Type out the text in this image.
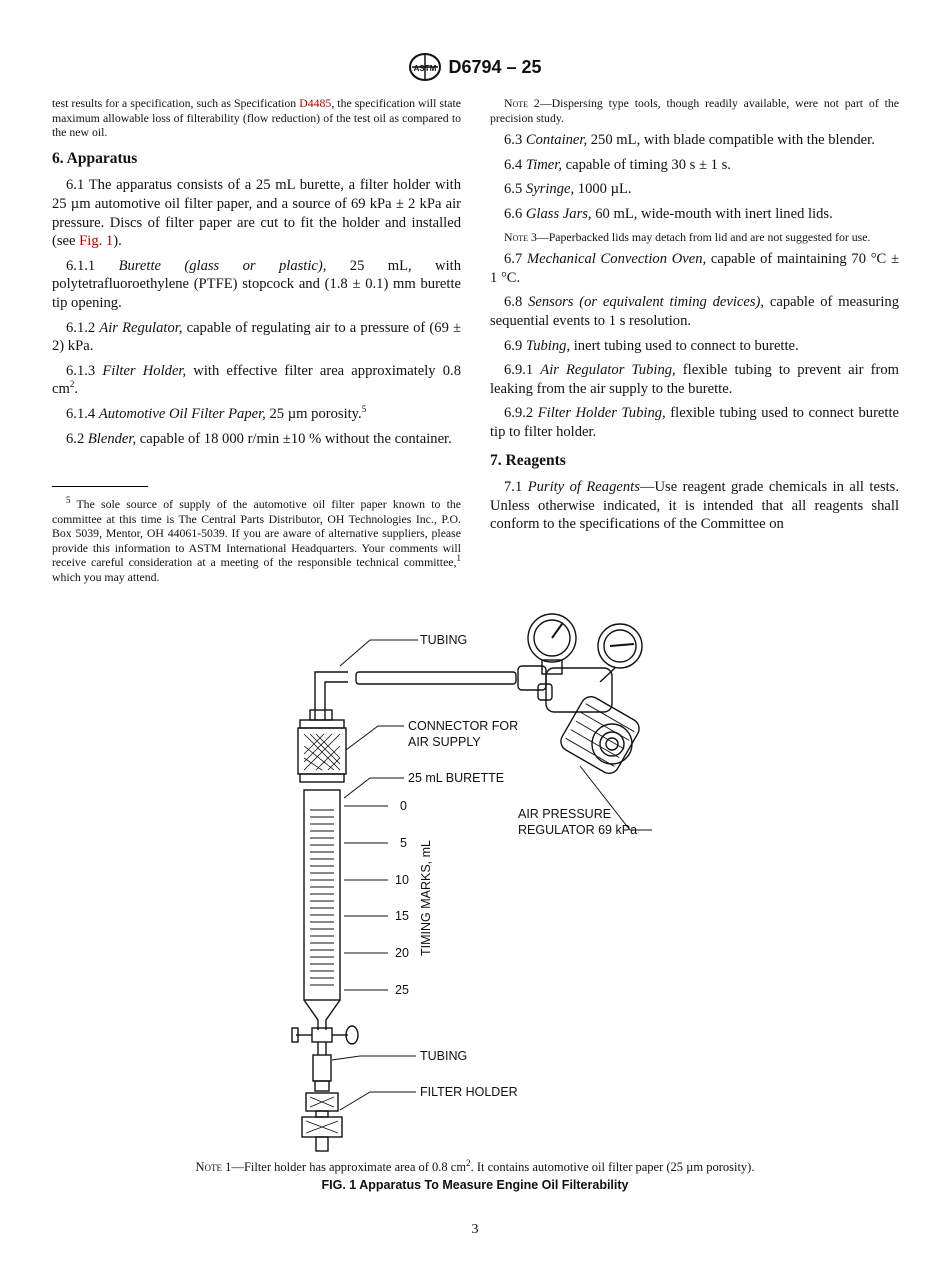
ASTM D6794 – 25

test results for a specification, such as Specification D4485, the specification will state maximum allowable loss of filterability (flow reduction) of the test oil as compared to the new oil.

6. Apparatus

6.1 The apparatus consists of a 25 mL burette, a filter holder with 25 µm automotive oil filter paper, and a source of 69 kPa ± 2 kPa air pressure. Discs of filter paper are cut to fit the holder and installed (see Fig. 1).

6.1.1 Burette (glass or plastic), 25 mL, with polytetrafluoroethylene (PTFE) stopcock and (1.8 ± 0.1) mm burette tip opening.

6.1.2 Air Regulator, capable of regulating air to a pressure of (69 ± 2) kPa.

6.1.3 Filter Holder, with effective filter area approximately 0.8 $cm^2$.

6.1.4 Automotive Oil Filter Paper, 25 µm porosity.$^5$

6.2 Blender, capable of 18 000 r/min ±10 % without the container.

$^5$ The sole source of supply of the automotive oil filter paper known to the committee at this time is The Central Parts Distributor, OH Technologies Inc., P.O. Box 5039, Mentor, OH 44061-5039. If you are aware of alternative suppliers, please provide this information to ASTM International Headquarters. Your comments will receive careful consideration at a meeting of the responsible technical committee,$^1$ which you may attend.

Note 2—Dispersing type tools, though readily available, were not part of the precision study.

6.3 Container, 250 mL, with blade compatible with the blender.

6.4 Timer, capable of timing 30 s ± 1 s.

6.5 Syringe, 1000 µL.

6.6 Glass Jars, 60 mL, wide-mouth with inert lined lids.

Note 3—Paperbacked lids may detach from lid and are not suggested for use.

6.7 Mechanical Convection Oven, capable of maintaining 70 °C ± 1 °C.

6.8 Sensors (or equivalent timing devices), capable of measuring sequential events to 1 s resolution.

6.9 Tubing, inert tubing used to connect to burette.

6.9.1 Air Regulator Tubing, flexible tubing to prevent air from leaking from the air supply to the burette.

6.9.2 Filter Holder Tubing, flexible tubing used to connect burette tip to filter holder.

7. Reagents

7.1 Purity of Reagents—Use reagent grade chemicals in all tests. Unless otherwise indicated, it is intended that all reagents shall conform to the specifications of the Committee on

TUBING
CONNECTOR FOR
AIR SUPPLY
25 mL BURETTE
AIR PRESSURE
REGULATOR 69 kPa
0
5
10
15
20
25
TIMING MARKS, mL
TUBING
FILTER HOLDER
Note 1—Filter holder has approximate area of 0.8 $cm^2$. It contains automotive oil filter paper (25 µm porosity).
FIG. 1 Apparatus To Measure Engine Oil Filterability
3
